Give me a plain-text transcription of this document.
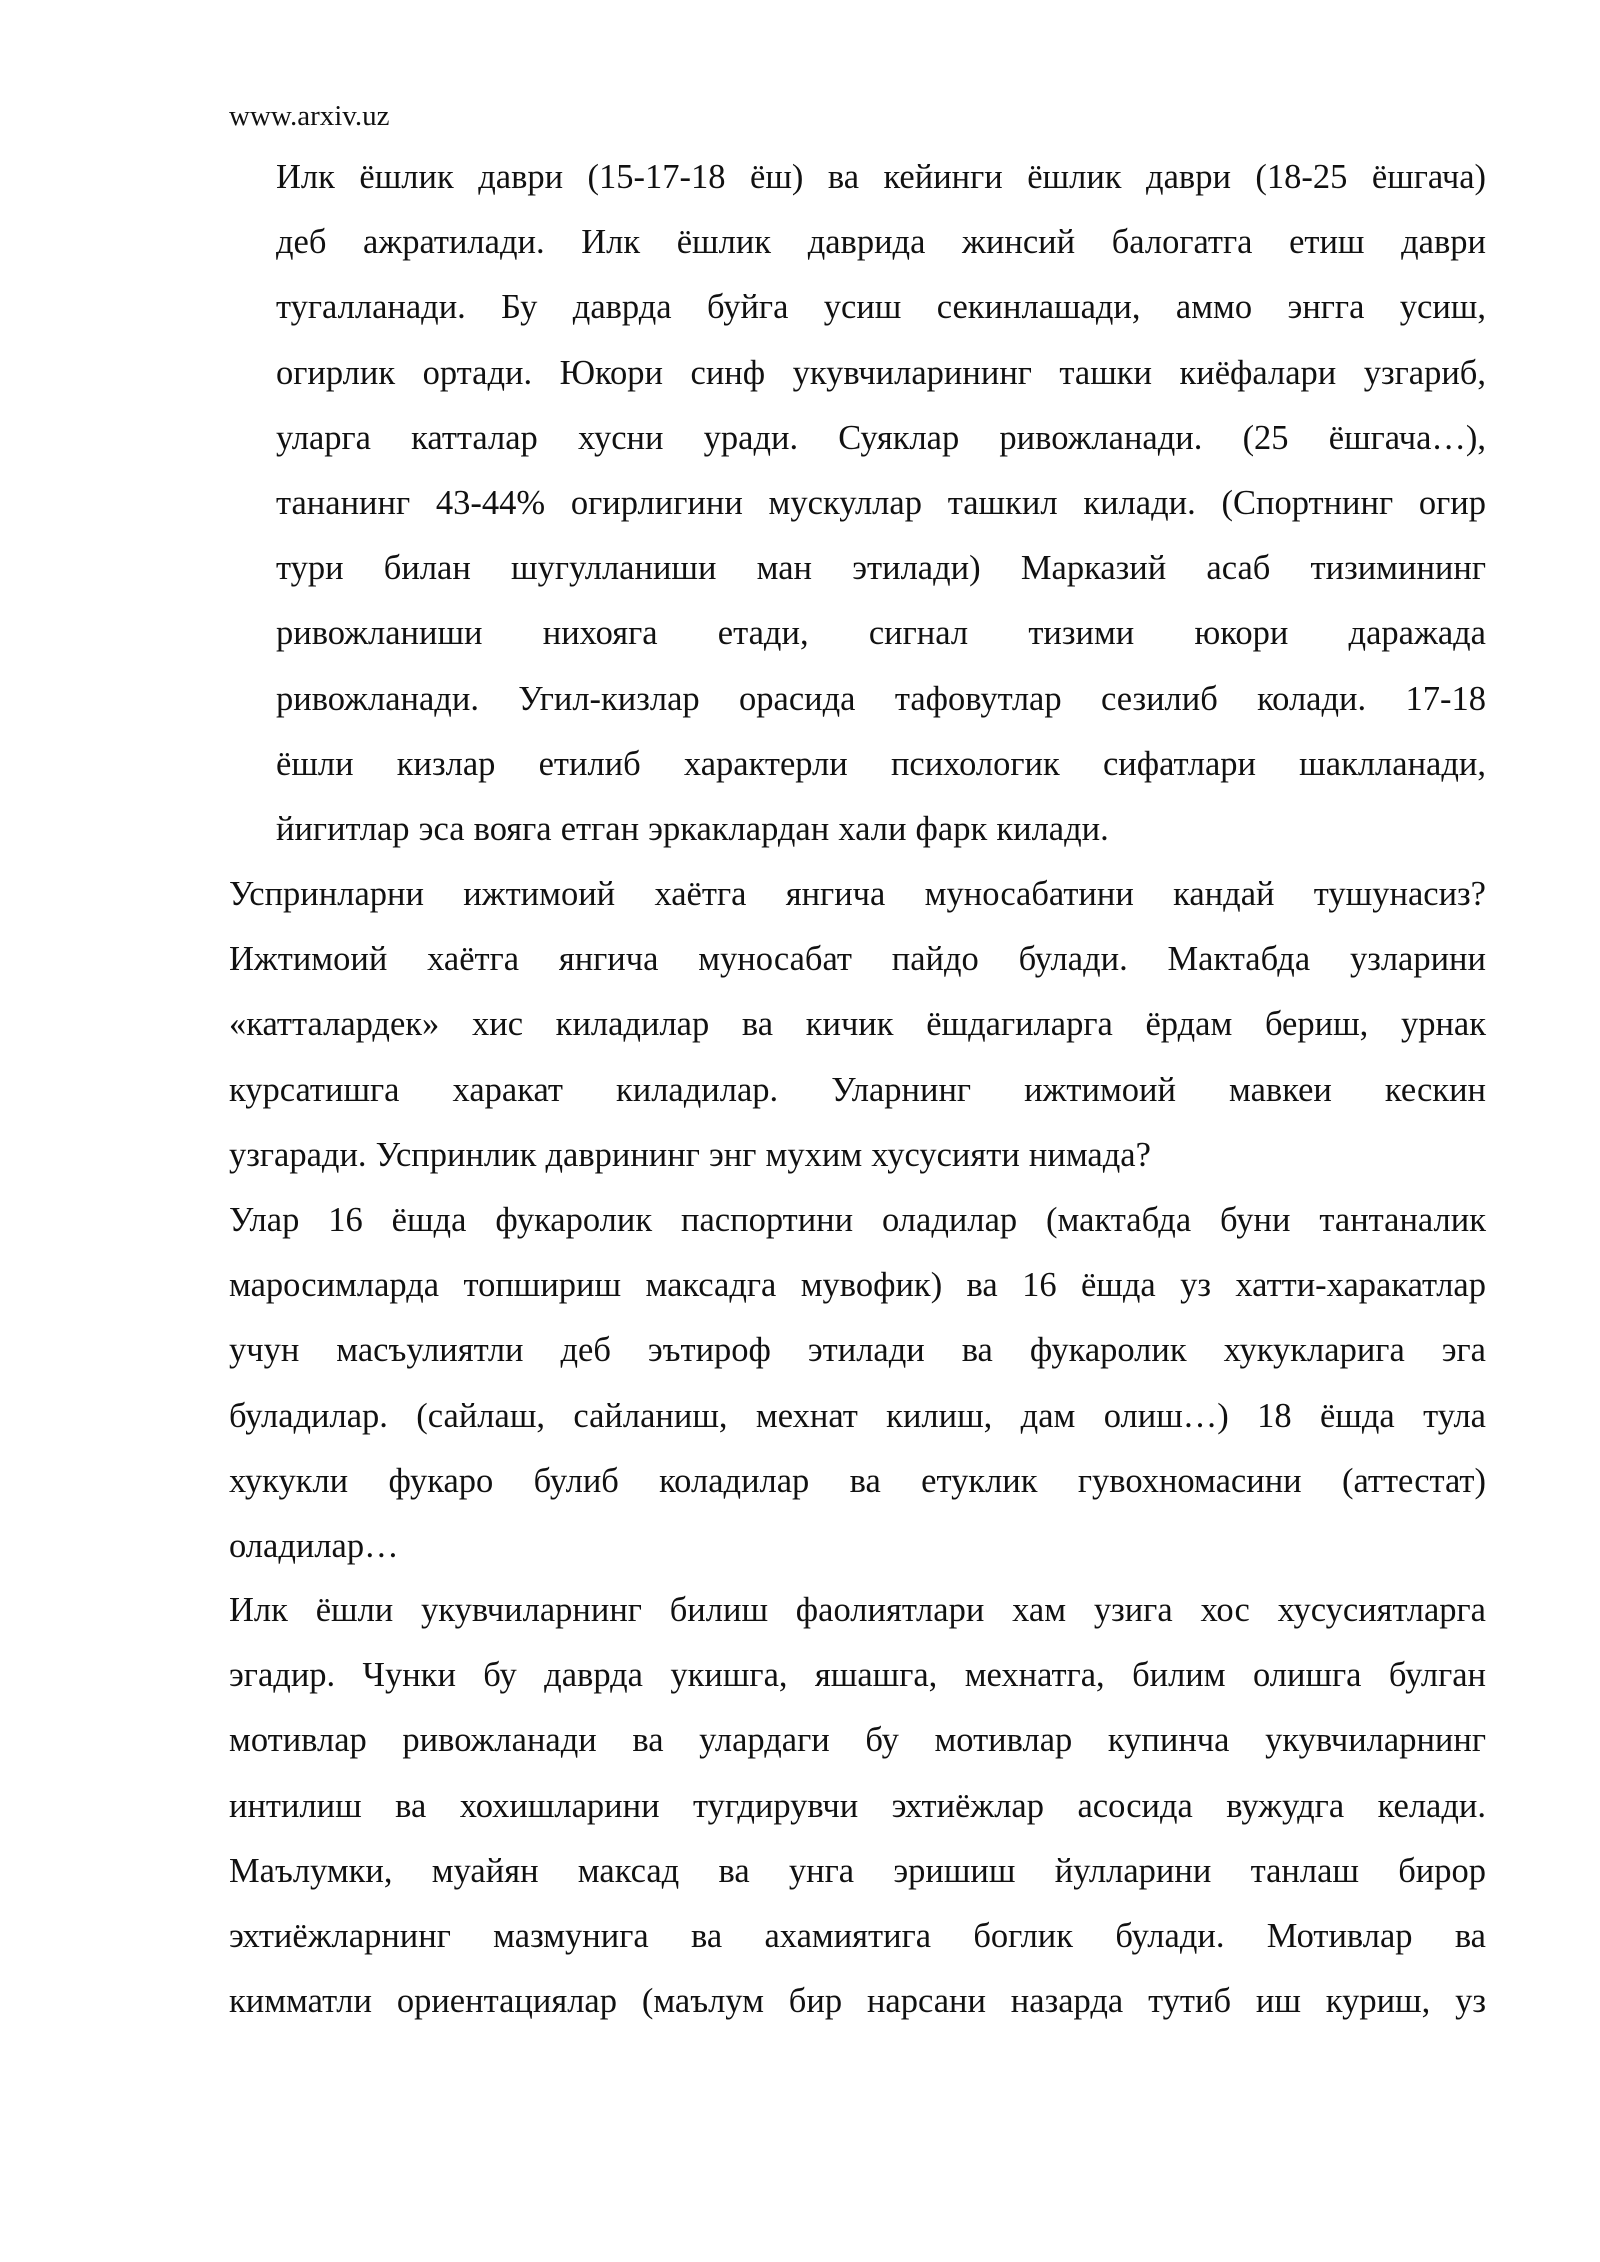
www.arxiv.uz
Илк ёшлик даври (15-17-18 ёш) ва кейинги ёшлик даври (18-25 ёшгача)
деб ажратилади. Илк ёшлик даврида жинсий балогатга етиш даври
тугалланади. Бу даврда буйга усиш секинлашади, аммо энгга усиш,
огирлик ортади. Юкори синф укувчиларининг ташки киёфалари узгариб,
уларга катталар хусни уради. Суяклар ривожланади. (25 ёшгача…),
тананинг 43-44% огирлигини мускуллар ташкил килади. (Спортнинг огир
тури билан шугулланиши ман этилади) Марказий асаб тизимининг
ривожланиши нихояга етади, сигнал тизими юкори даражада
ривожланади. Угил-кизлар орасида тафовутлар сезилиб колади. 17-18
ёшли кизлар етилиб характерли психологик сифатлари шаклланади,
йигитлар эса вояга етган эркаклардан хали фарк килади.
Успринларни ижтимоий хаётга янгича муносабатини кандай тушунасиз?
Ижтимоий хаётга янгича муносабат пайдо булади. Мактабда узларини
«катталардек» хис киладилар ва кичик ёшдагиларга ёрдам бериш, урнак
курсатишга харакат киладилар. Уларнинг ижтимоий мавкеи кескин
узгаради. Успринлик даврининг энг мухим хусусияти нимада?
Улар 16 ёшда фукаролик паспортини оладилар (мактабда буни тантаналик
маросимларда топшириш максадга мувофик) ва 16 ёшда уз хатти-харакатлар
учун масъулиятли деб эътироф этилади ва фукаролик хукукларига эга
буладилар. (сайлаш, сайланиш, мехнат килиш, дам олиш…) 18 ёшда тула
хукукли фукаро булиб коладилар ва етуклик гувохномасини (аттестат)
оладилар…
Илк ёшли укувчиларнинг билиш фаолиятлари хам узига хос хусусиятларга
эгадир. Чунки бу даврда укишга, яшашга, мехнатга, билим олишга булган
мотивлар ривожланади ва улардаги бу мотивлар купинча укувчиларнинг
интилиш ва хохишларини тугдирувчи эхтиёжлар асосида вужудга келади.
Маълумки, муайян максад ва унга эришиш йулларини танлаш бирор
эхтиёжларнинг мазмунига ва ахамиятига боглик булади. Мотивлар ва
кимматли ориентациялар (маълум бир нарсани назарда тутиб иш куриш, уз
